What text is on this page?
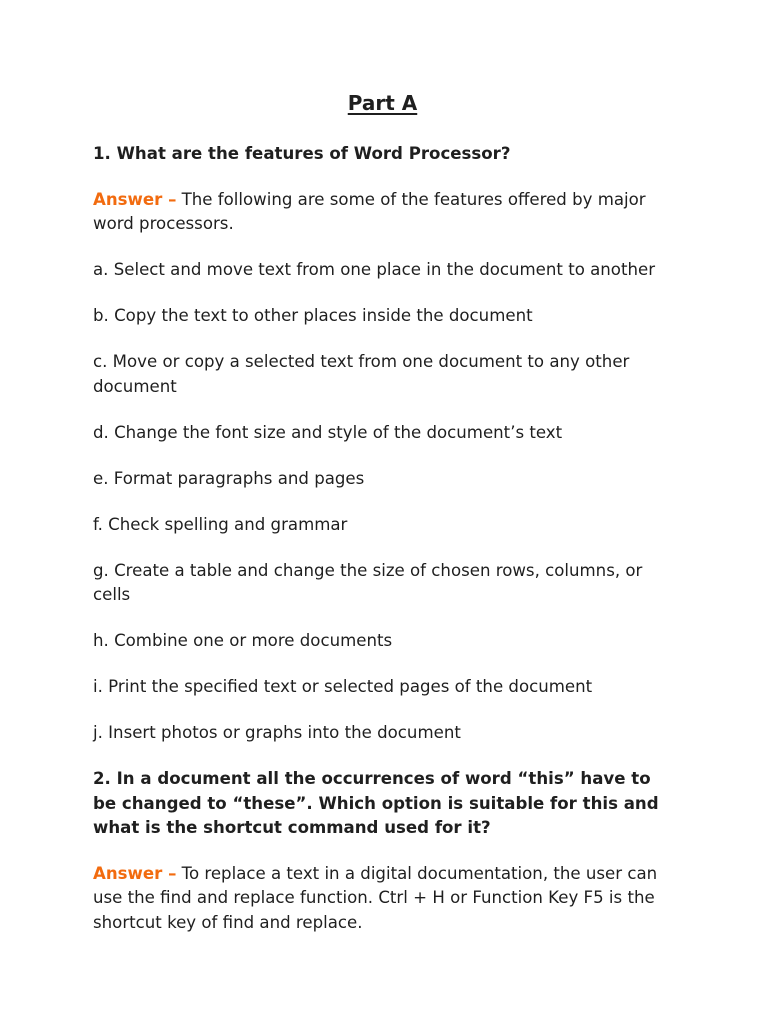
Part A
1. What are the features of Word Processor?

Answer – The following are some of the features offered by major word processors.

a. Select and move text from one place in the document to another
b. Copy the text to other places inside the document
c. Move or copy a selected text from one document to any other document
d. Change the font size and style of the document’s text
e. Format paragraphs and pages
f. Check spelling and grammar
g. Create a table and change the size of chosen rows, columns, or cells
h. Combine one or more documents
i. Print the specified text or selected pages of the document
j. Insert photos or graphs into the document
2. In a document all the occurrences of word “this” have to be changed to “these”. Which option is suitable for this and what is the shortcut command used for it?

Answer – To replace a text in a digital documentation, the user can use the find and replace function. Ctrl + H or Function Key F5 is the shortcut key of find and replace.
